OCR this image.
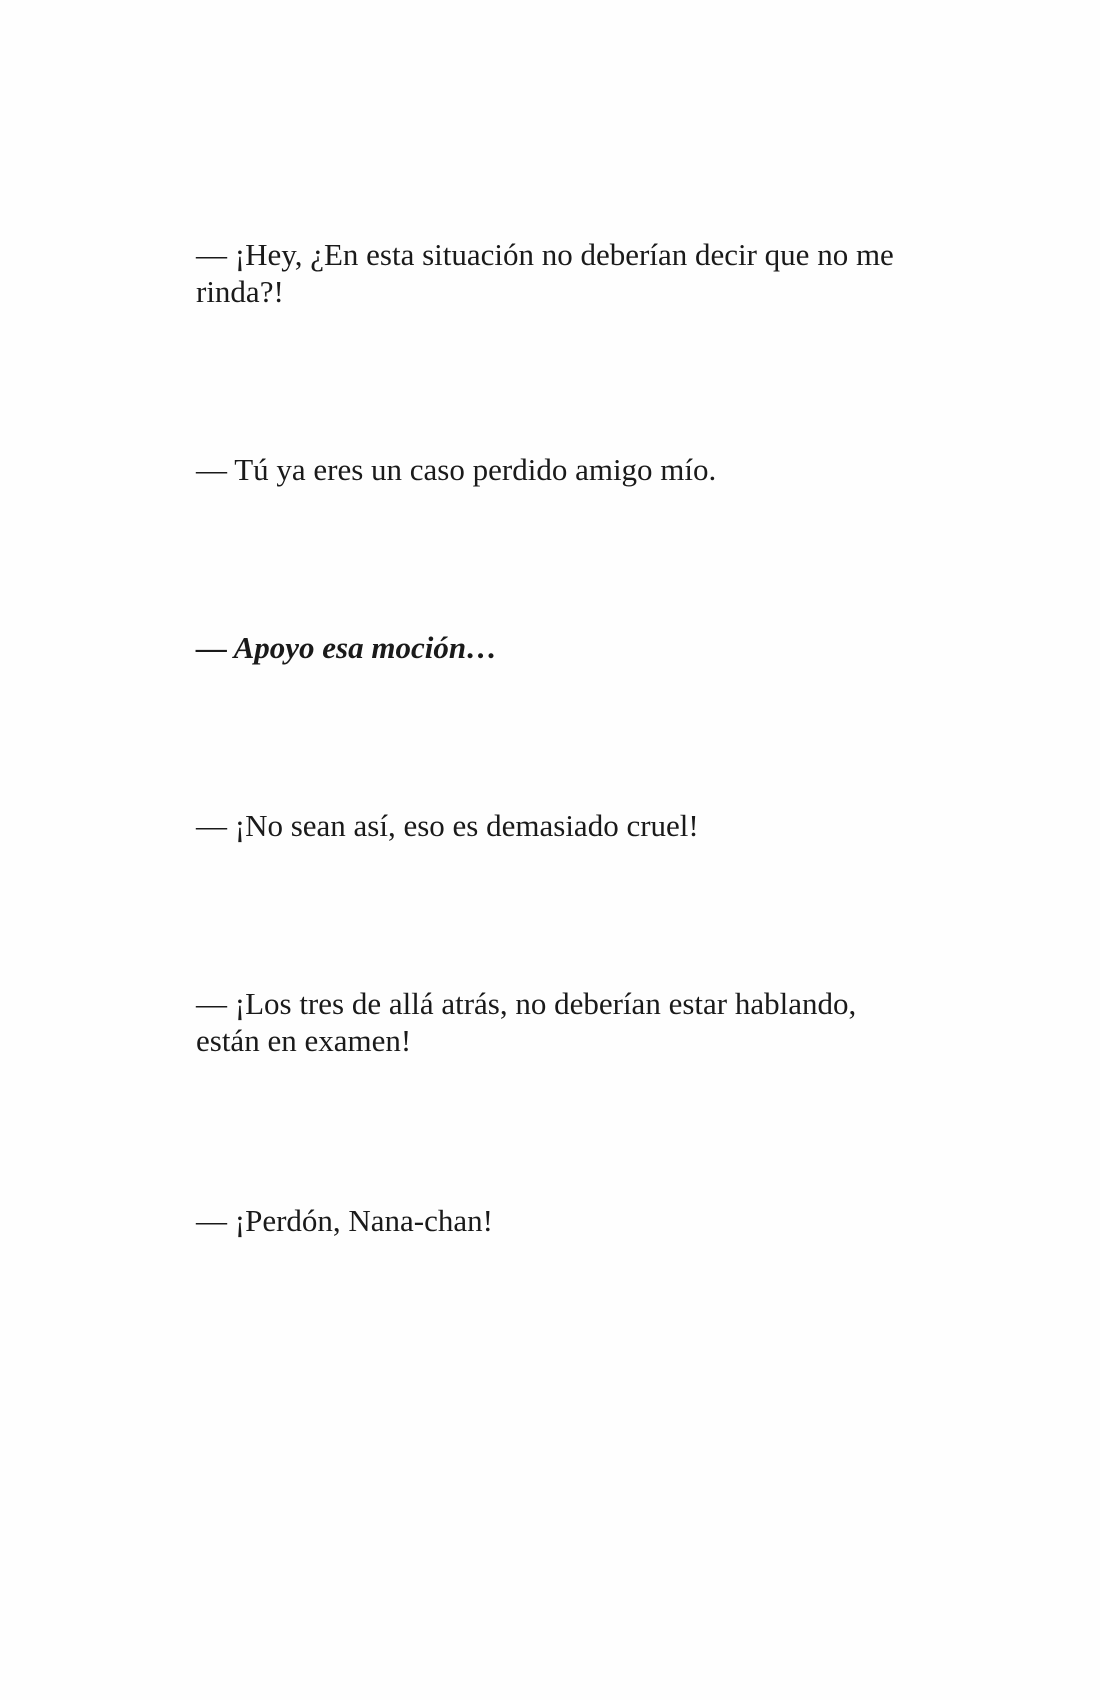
— ¡Hey, ¿En esta situación no deberían decir que no me rinda?!

— Tú ya eres un caso perdido amigo mío.

— Apoyo esa moción…

— ¡No sean así, eso es demasiado cruel!

— ¡Los tres de allá atrás, no deberían estar hablando, están en examen!

— ¡Perdón, Nana-chan!
